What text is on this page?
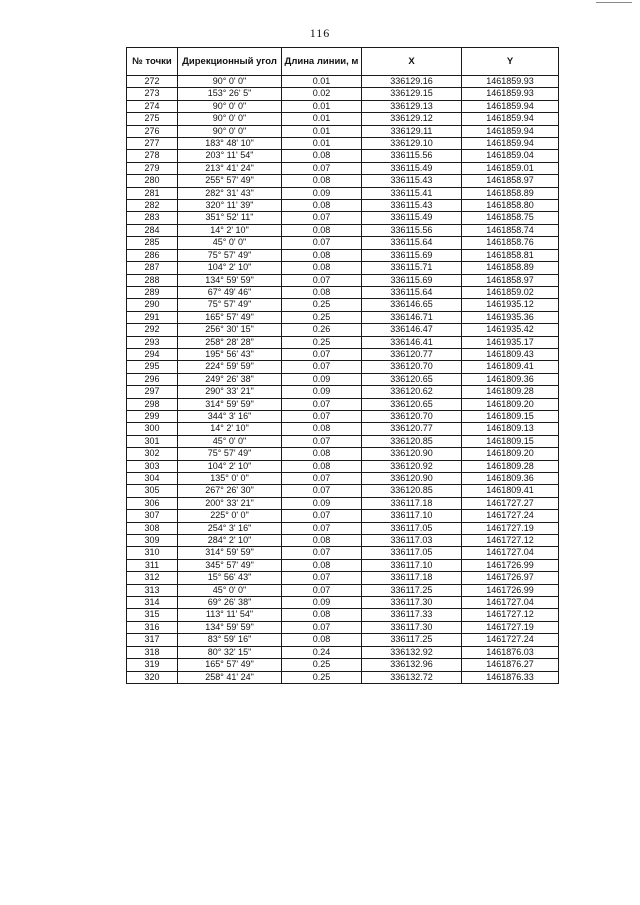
116
№ точки	Дирекционный угол	Длина линии, м	X	Y
272	90° 0' 0"	0.01	336129.16	1461859.93
273	153° 26' 5"	0.02	336129.15	1461859.93
274	90° 0' 0"	0.01	336129.13	1461859.94
275	90° 0' 0"	0.01	336129.12	1461859.94
276	90° 0' 0"	0.01	336129.11	1461859.94
277	183° 48' 10"	0.01	336129.10	1461859.94
278	203° 11' 54"	0.08	336115.56	1461859.04
279	213° 41' 24"	0.07	336115.49	1461859.01
280	255° 57' 49"	0.08	336115.43	1461858.97
281	282° 31' 43"	0.09	336115.41	1461858.89
282	320° 11' 39"	0.08	336115.43	1461858.80
283	351° 52' 11"	0.07	336115.49	1461858.75
284	14° 2' 10"	0.08	336115.56	1461858.74
285	45° 0' 0"	0.07	336115.64	1461858.76
286	75° 57' 49"	0.08	336115.69	1461858.81
287	104° 2' 10"	0.08	336115.71	1461858.89
288	134° 59' 59"	0.07	336115.69	1461858.97
289	67° 49' 46"	0.08	336115.64	1461859.02
290	75° 57' 49"	0.25	336146.65	1461935.12
291	165° 57' 49"	0.25	336146.71	1461935.36
292	256° 30' 15"	0.26	336146.47	1461935.42
293	258° 28' 28"	0.25	336146.41	1461935.17
294	195° 56' 43"	0.07	336120.77	1461809.43
295	224° 59' 59"	0.07	336120.70	1461809.41
296	249° 26' 38"	0.09	336120.65	1461809.36
297	290° 33' 21"	0.09	336120.62	1461809.28
298	314° 59' 59"	0.07	336120.65	1461809.20
299	344° 3' 16"	0.07	336120.70	1461809.15
300	14° 2' 10"	0.08	336120.77	1461809.13
301	45° 0' 0"	0.07	336120.85	1461809.15
302	75° 57' 49"	0.08	336120.90	1461809.20
303	104° 2' 10"	0.08	336120.92	1461809.28
304	135° 0' 0"	0.07	336120.90	1461809.36
305	267° 26' 30"	0.07	336120.85	1461809.41
306	200° 33' 21"	0.09	336117.18	1461727.27
307	225° 0' 0"	0.07	336117.10	1461727.24
308	254° 3' 16"	0.07	336117.05	1461727.19
309	284° 2' 10"	0.08	336117.03	1461727.12
310	314° 59' 59"	0.07	336117.05	1461727.04
311	345° 57' 49"	0.08	336117.10	1461726.99
312	15° 56' 43"	0.07	336117.18	1461726.97
313	45° 0' 0"	0.07	336117.25	1461726.99
314	69° 26' 38"	0.09	336117.30	1461727.04
315	113° 11' 54"	0.08	336117.33	1461727.12
316	134° 59' 59"	0.07	336117.30	1461727.19
317	83° 59' 16"	0.08	336117.25	1461727.24
318	80° 32' 15"	0.24	336132.92	1461876.03
319	165° 57' 49"	0.25	336132.96	1461876.27
320	258° 41' 24"	0.25	336132.72	1461876.33
